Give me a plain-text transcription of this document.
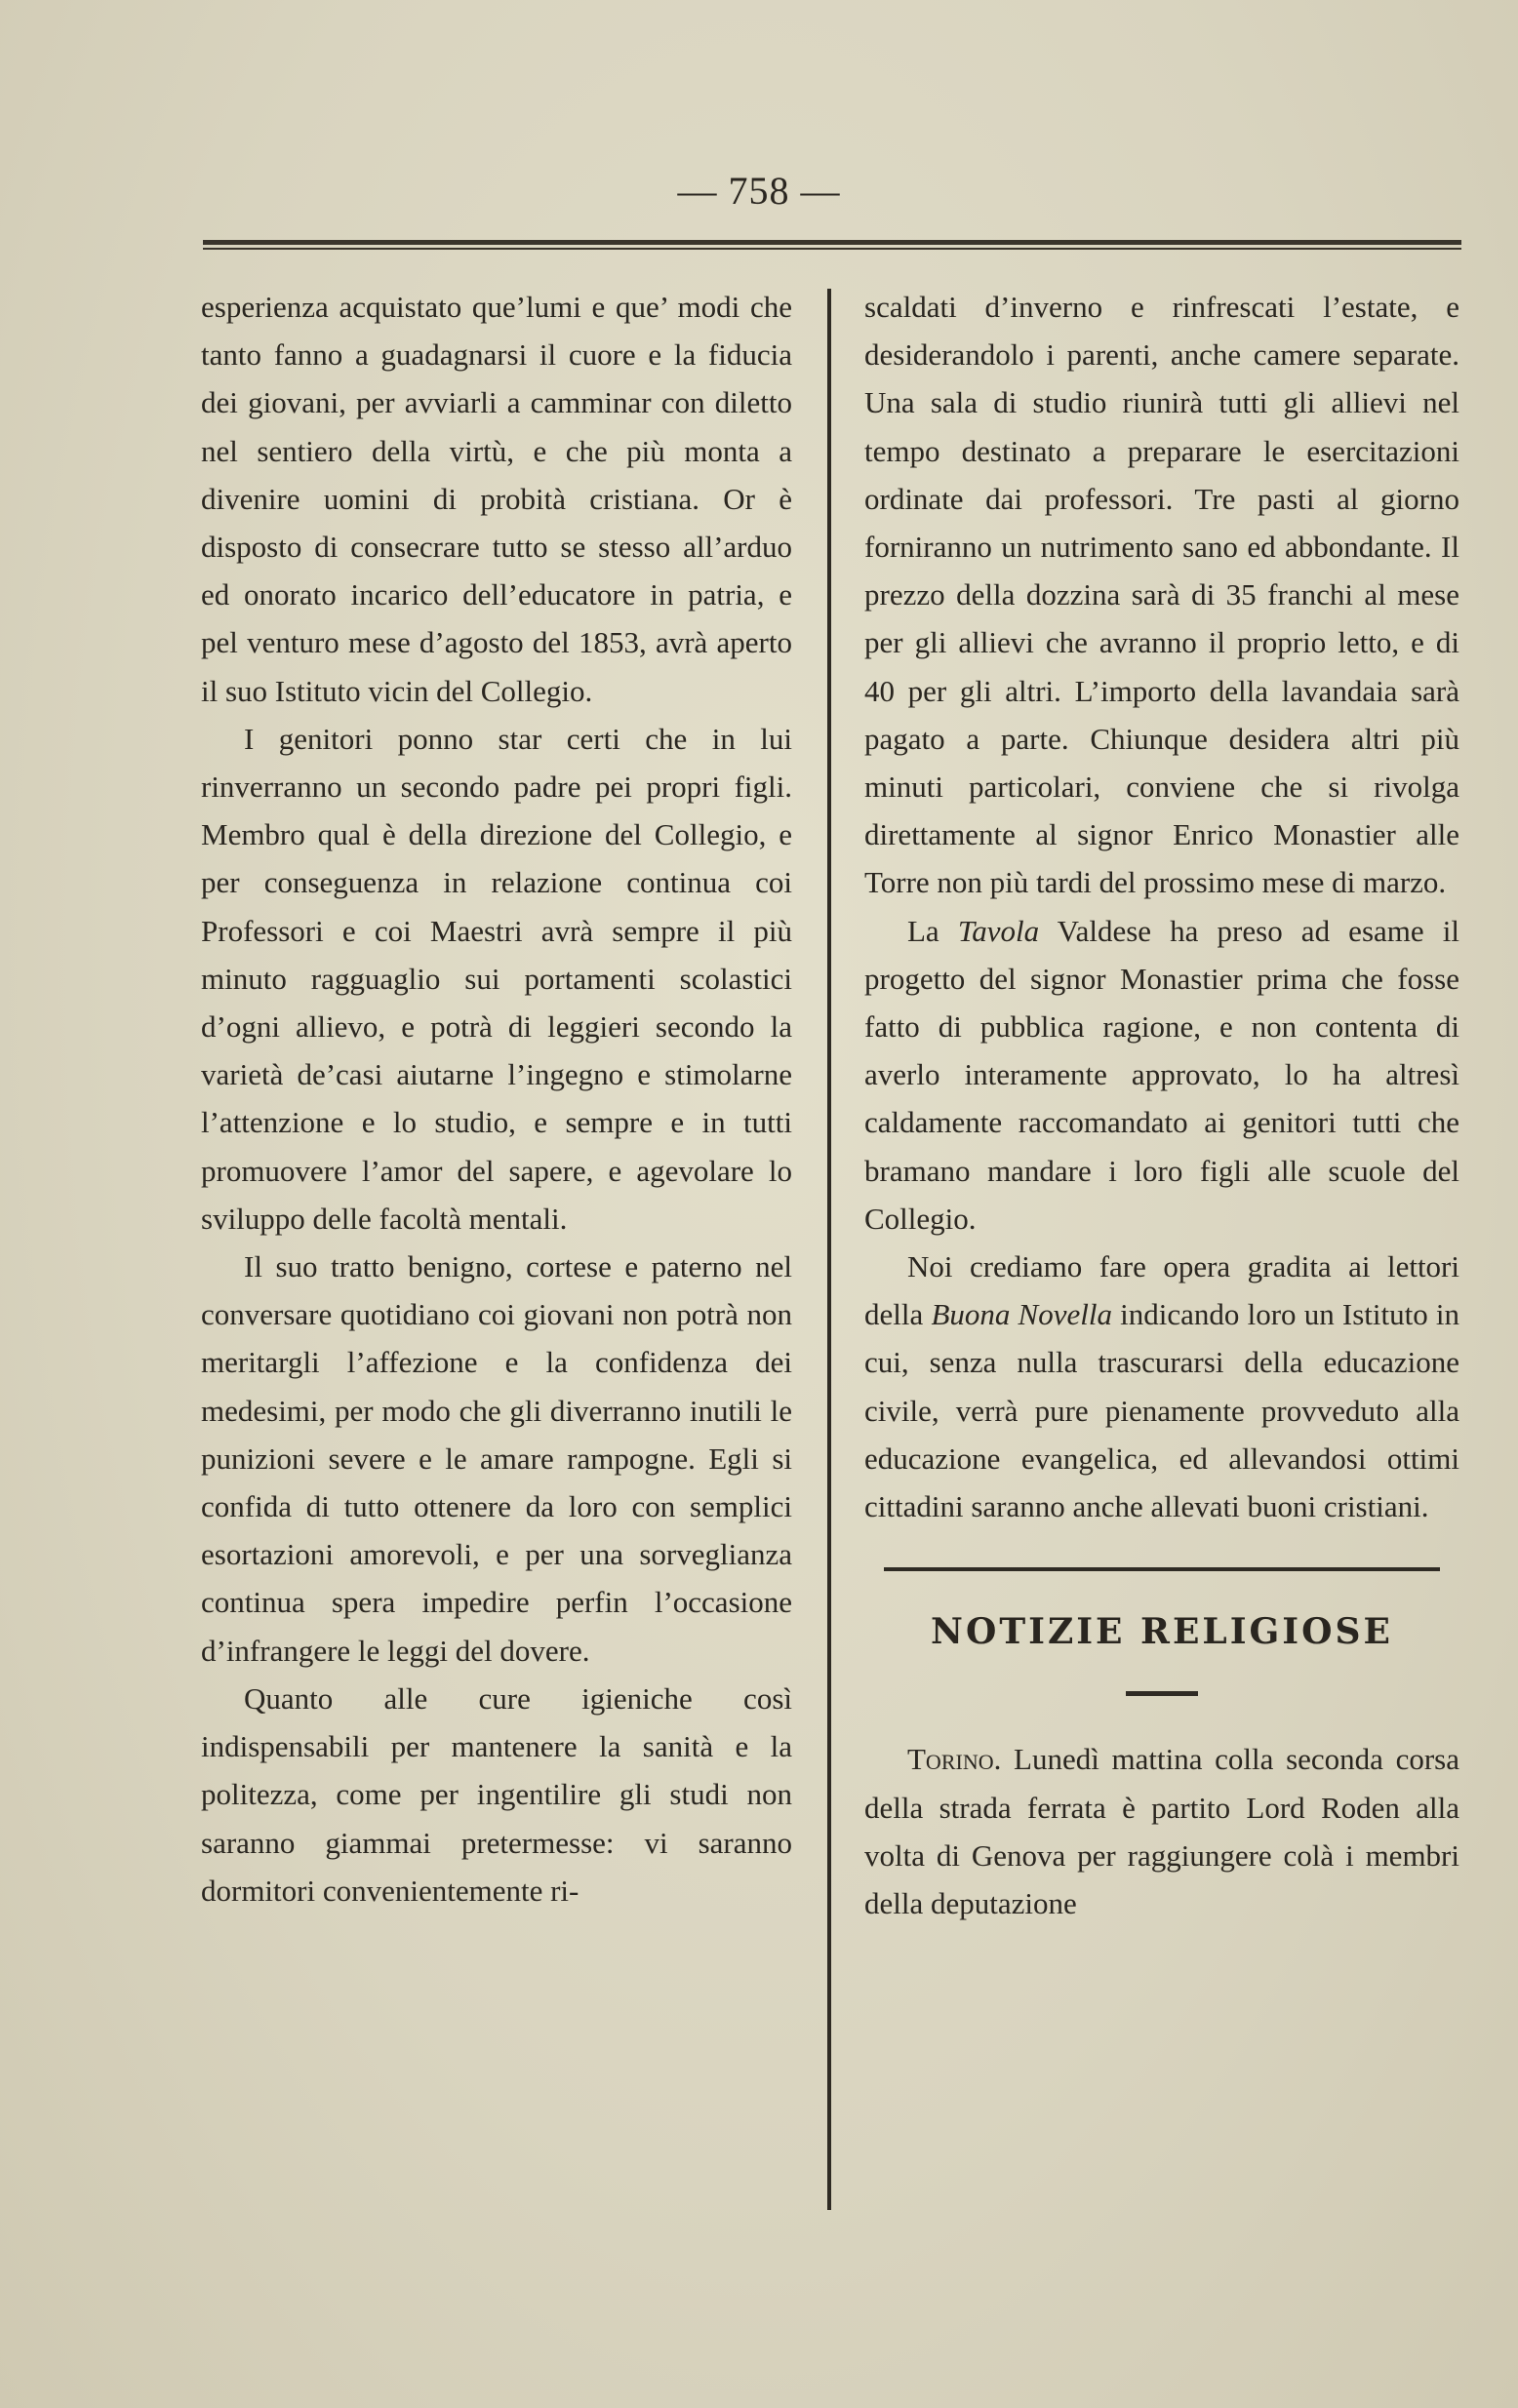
— 758 —

esperienza acquistato que’lumi e que’ modi che tanto fanno a guadagnarsi il cuore e la fiducia dei giovani, per avviarli a camminar con diletto nel sentiero della virtù, e che più monta a divenire uomini di probità cristiana. Or è disposto di consecrare tutto se stesso all’arduo ed onorato incarico dell’educatore in patria, e pel venturo mese d’agosto del 1853, avrà aperto il suo Istituto vicin del Collegio.

I genitori ponno star certi che in lui rinverranno un secondo padre pei propri figli. Membro qual è della direzione del Collegio, e per conseguenza in relazione continua coi Professori e coi Maestri avrà sempre il più minuto ragguaglio sui portamenti scolastici d’ogni allievo, e potrà di leggieri secondo la varietà de’casi aiutarne l’ingegno e stimolarne l’attenzione e lo studio, e sempre e in tutti promuovere l’amor del sapere, e agevolare lo sviluppo delle facoltà mentali.

Il suo tratto benigno, cortese e paterno nel conversare quotidiano coi giovani non potrà non meritargli l’affezione e la confidenza dei medesimi, per modo che gli diverranno inutili le punizioni severe e le amare rampogne. Egli si confida di tutto ottenere da loro con semplici esortazioni amorevoli, e per una sorveglianza continua spera impedire perfin l’occasione d’infrangere le leggi del dovere.

Quanto alle cure igieniche così indispensabili per mantenere la sanità e la politezza, come per ingentilire gli studi non saranno giammai pretermesse: vi saranno dormitori convenientemente ri-

scaldati d’inverno e rinfrescati l’estate, e desiderandolo i parenti, anche camere separate. Una sala di studio riunirà tutti gli allievi nel tempo destinato a preparare le esercitazioni ordinate dai professori. Tre pasti al giorno forniranno un nutrimento sano ed abbondante. Il prezzo della dozzina sarà di 35 franchi al mese per gli allievi che avranno il proprio letto, e di 40 per gli altri. L’importo della lavandaia sarà pagato a parte. Chiunque desidera altri più minuti particolari, conviene che si rivolga direttamente al signor Enrico Monastier alle Torre non più tardi del prossimo mese di marzo.

La Tavola Valdese ha preso ad esame il progetto del signor Monastier prima che fosse fatto di pubblica ragione, e non contenta di averlo interamente approvato, lo ha altresì caldamente raccomandato ai genitori tutti che bramano mandare i loro figli alle scuole del Collegio.

Noi crediamo fare opera gradita ai lettori della Buona Novella indicando loro un Istituto in cui, senza nulla trascurarsi della educazione civile, verrà pure pienamente provveduto alla educazione evangelica, ed allevandosi ottimi cittadini saranno anche allevati buoni cristiani.

NOTIZIE RELIGIOSE

Torino. Lunedì mattina colla seconda corsa della strada ferrata è partito Lord Roden alla volta di Genova per raggiungere colà i membri della deputazione
